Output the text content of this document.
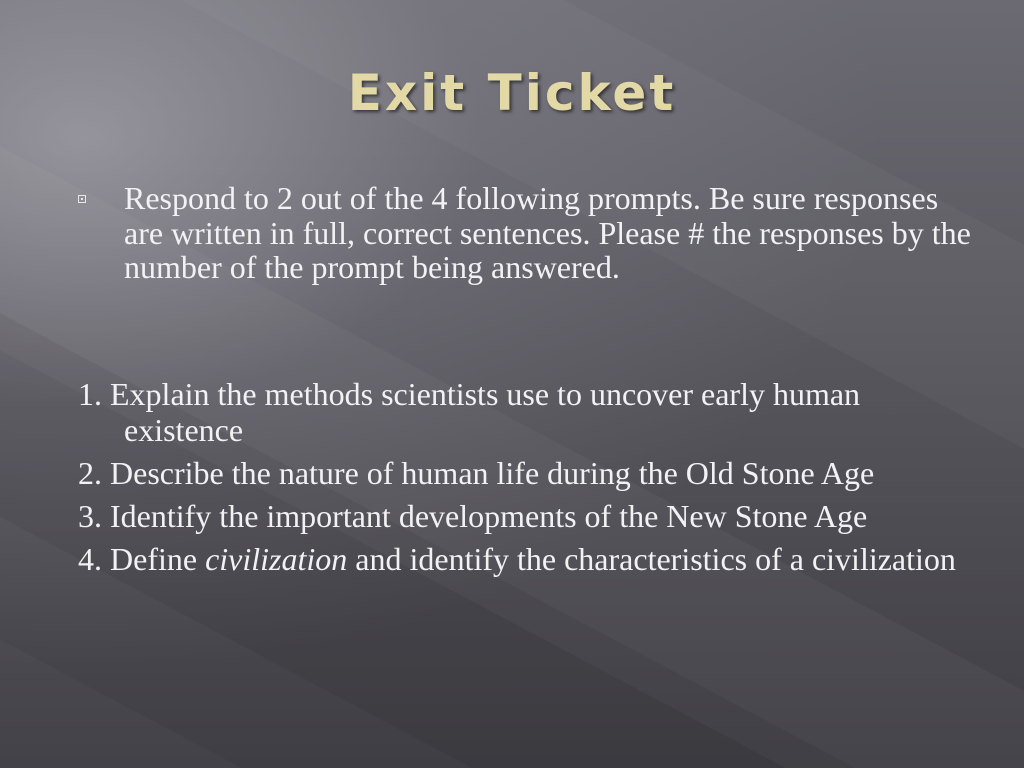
Exit Ticket

Respond to 2 out of the 4 following prompts. Be sure responses are written in full, correct sentences. Please # the responses by the number of the prompt being answered.

1. Explain the methods scientists use to uncover early human existence
2. Describe the nature of human life during the Old Stone Age
3. Identify the important developments of the New Stone Age
4. Define civilization and identify the characteristics of a civilization
